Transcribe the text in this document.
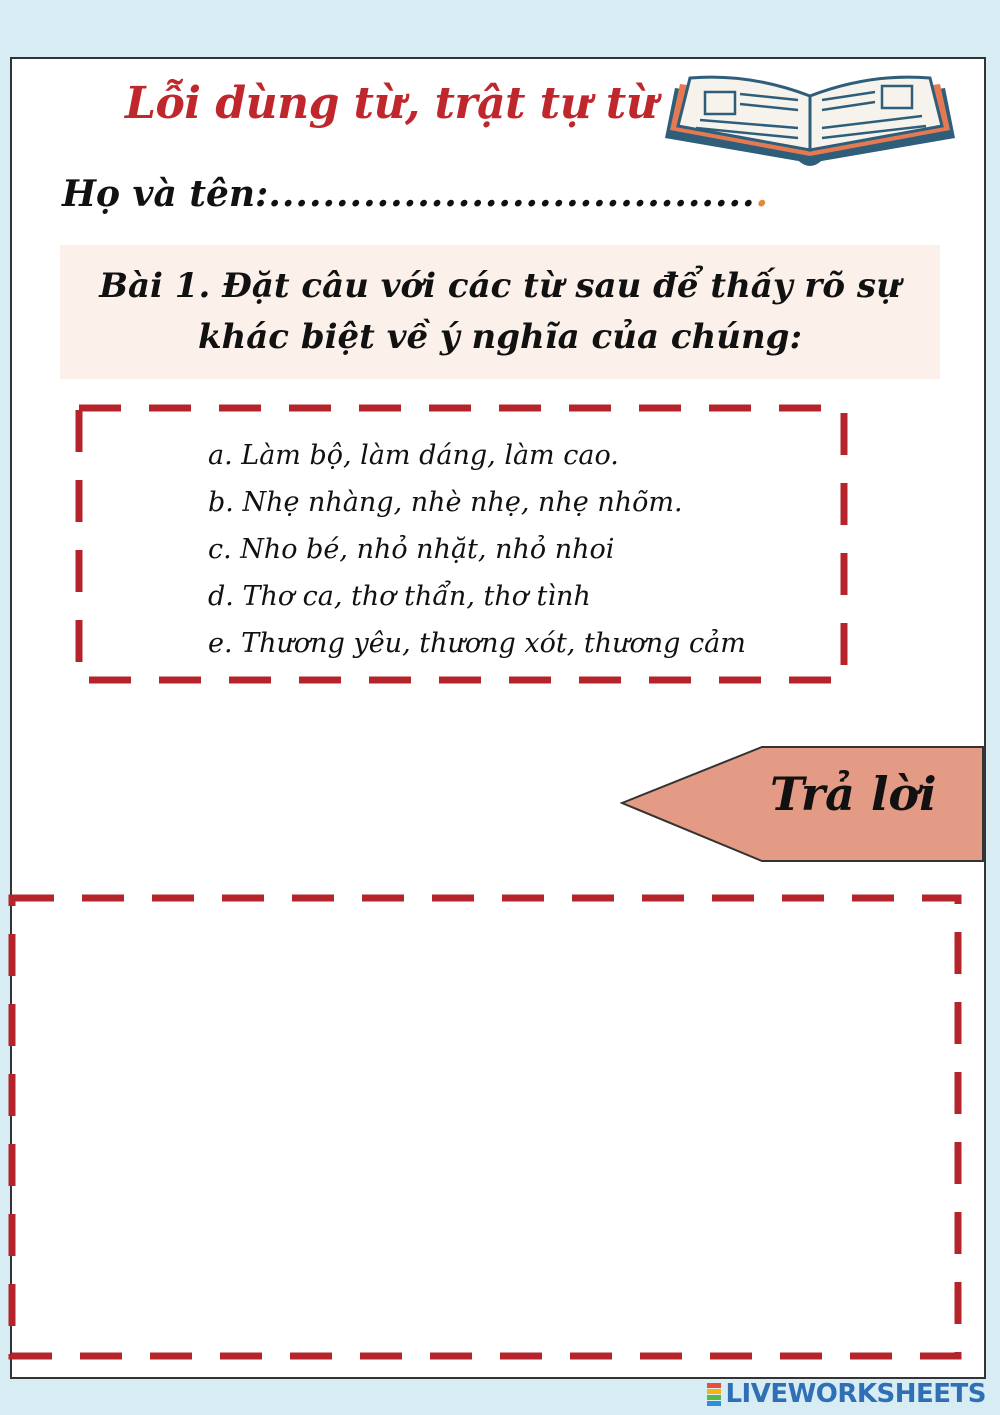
Lỗi dùng từ, trật tự từ
Họ và tên:.....................................
Bài 1. Đặt câu với các từ sau để thấy rõ sự khác biệt về ý nghĩa của chúng:
a. Làm bộ, làm dáng, làm cao.
b. Nhẹ nhàng, nhè nhẹ, nhẹ nhõm.
c. Nho bé, nhỏ nhặt, nhỏ nhoi
d. Thơ ca, thơ thẩn, thơ tình
e. Thương yêu, thương xót, thương cảm
Trả lời
LIVEWORKSHEETS
